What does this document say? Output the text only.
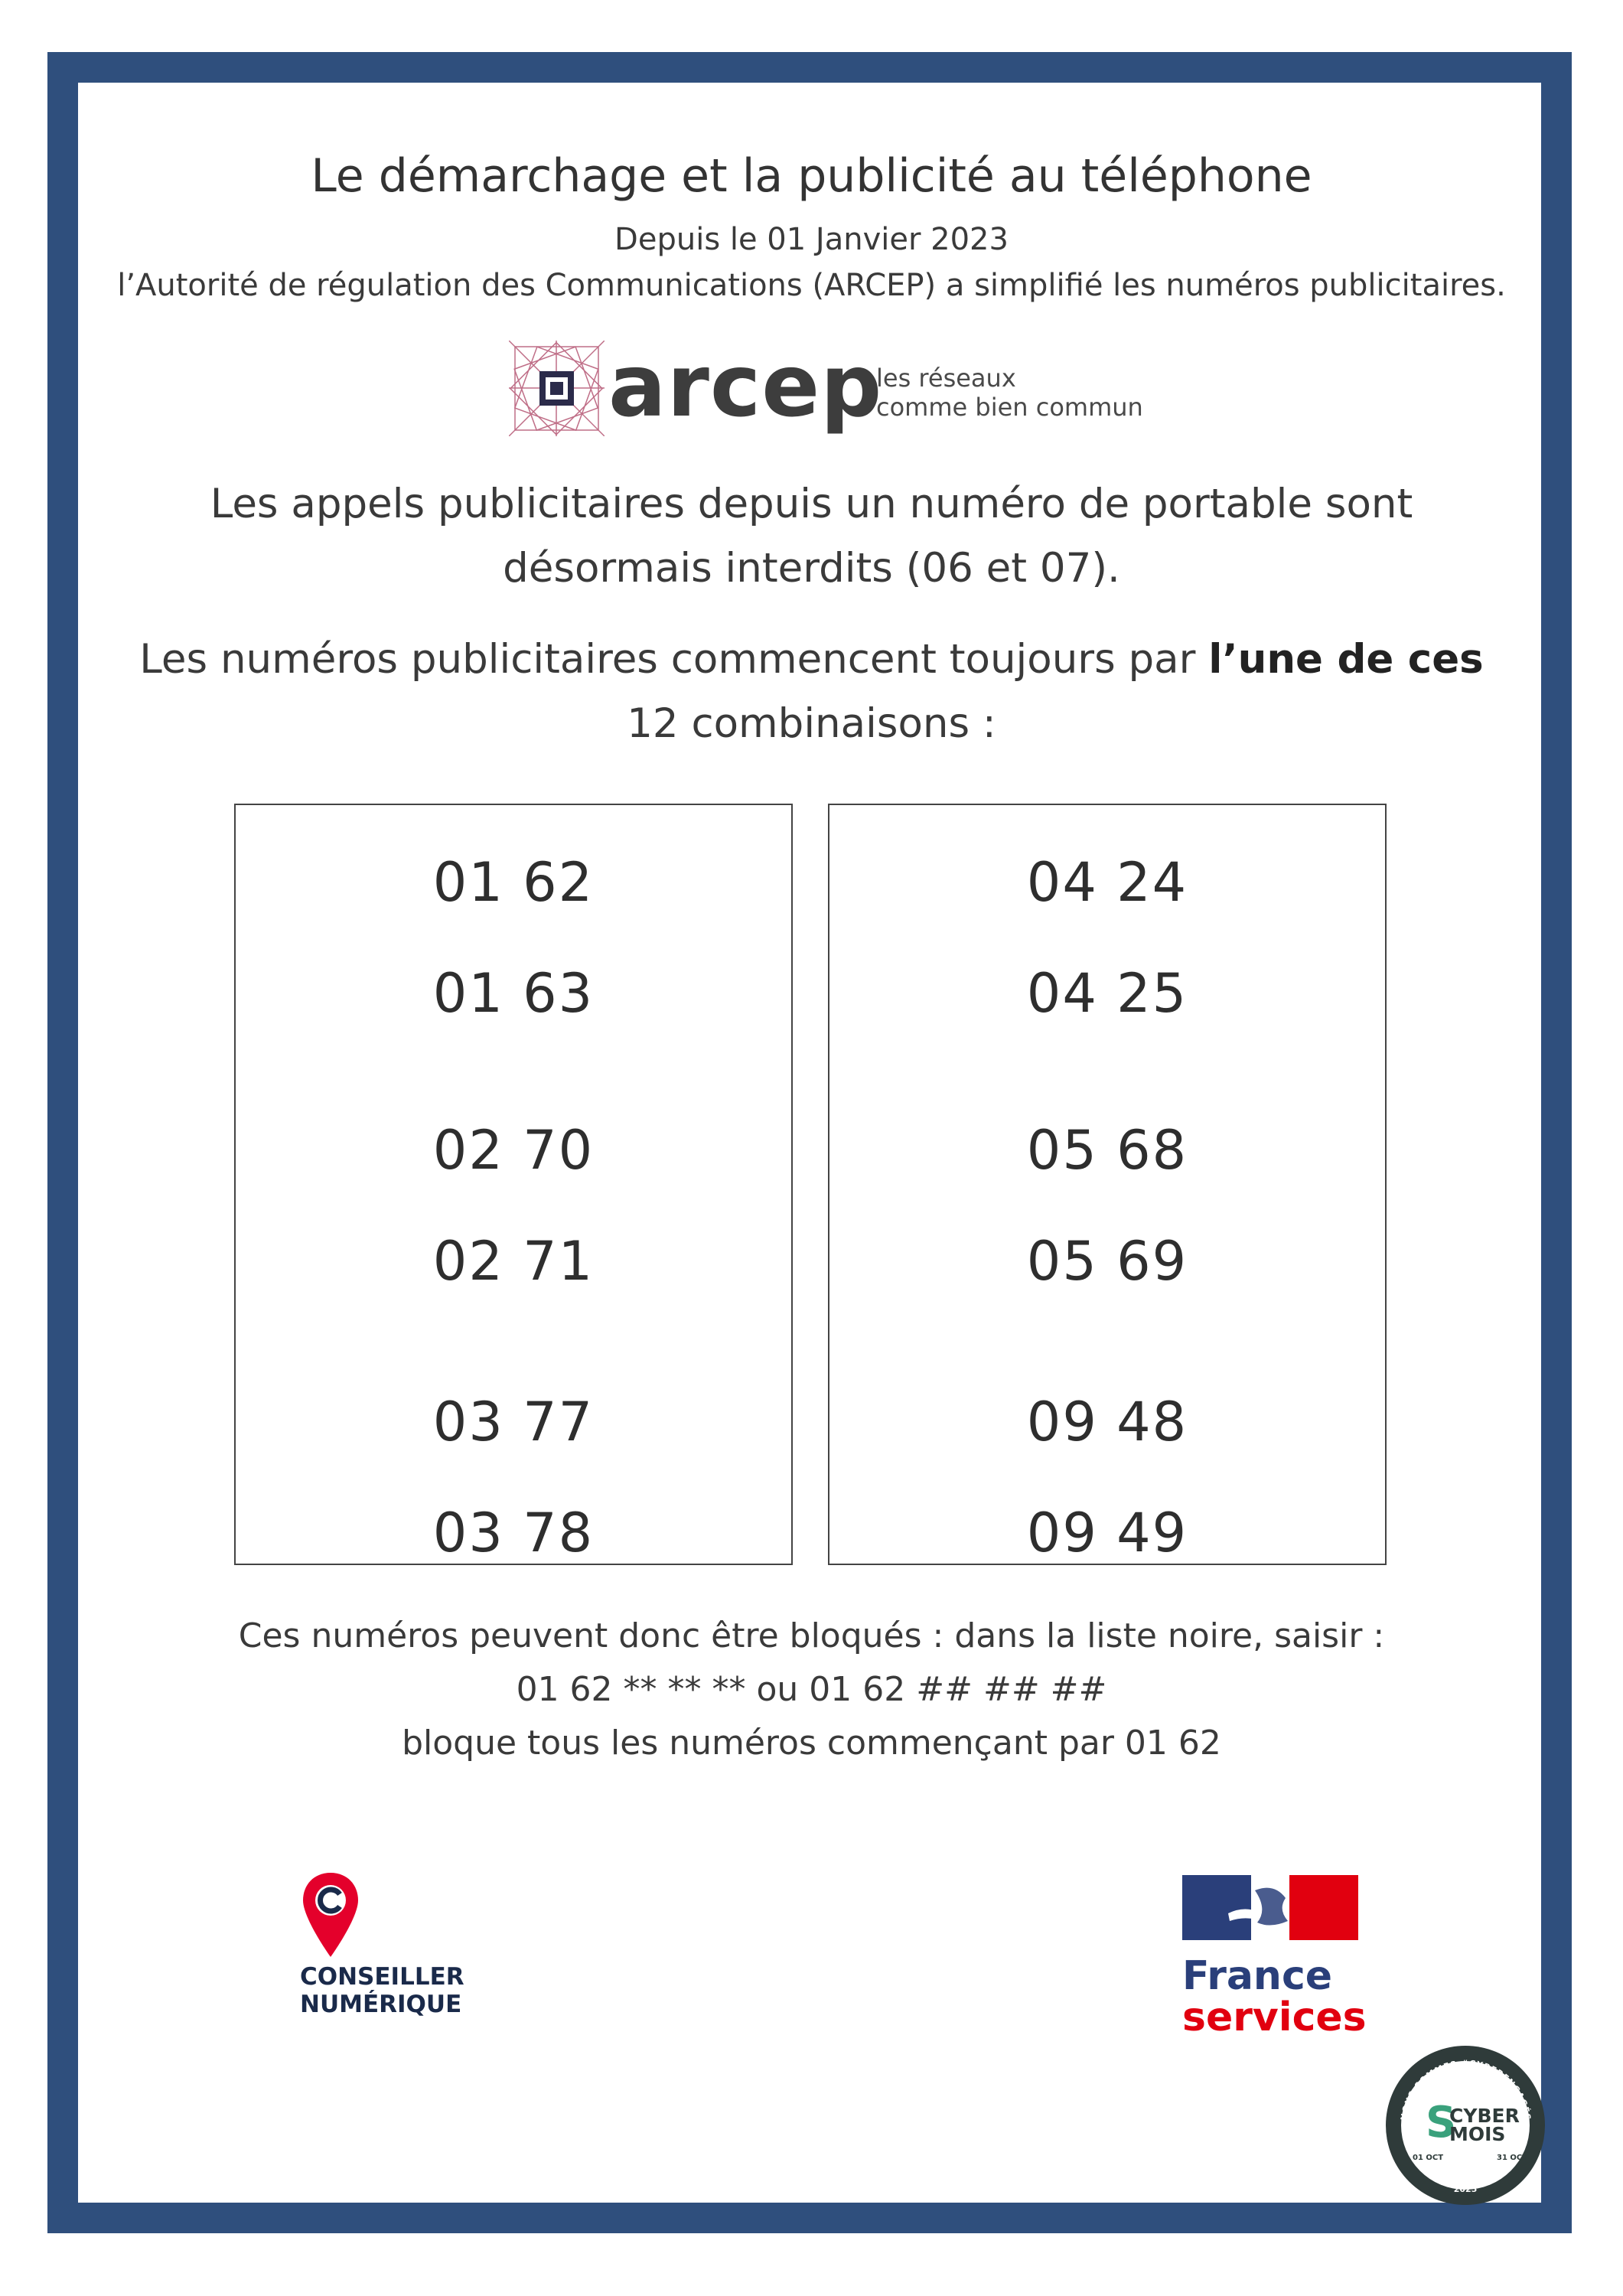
Le démarchage et la publicité au téléphone
Depuis le 01 Janvier 2023
l’Autorité de régulation des Communications (ARCEP) a simplifié les numéros publicitaires.
arcep
les réseaux
comme bien commun
Les appels publicitaires depuis un numéro de portable sont
désormais interdits (06 et 07).
Les numéros publicitaires commencent toujours par l’une de ces
12 combinaisons :
01 62
01 63
02 70
02 71
03 77
03 78
04 24
04 25
05 68
05 69
09 48
09 49
Ces numéros peuvent donc être bloqués : dans la liste noire, saisir :
01 62 ** ** ** ou 01 62 ## ## ##
bloque tous les numéros commençant par 01 62
CONSEILLER
NUMÉRIQUE
France
services
NOUS SOMMES #CYBERENGAGÉS
S
CYBER
MOIS
01 OCT	31 OCT
ÉDITION
2025
